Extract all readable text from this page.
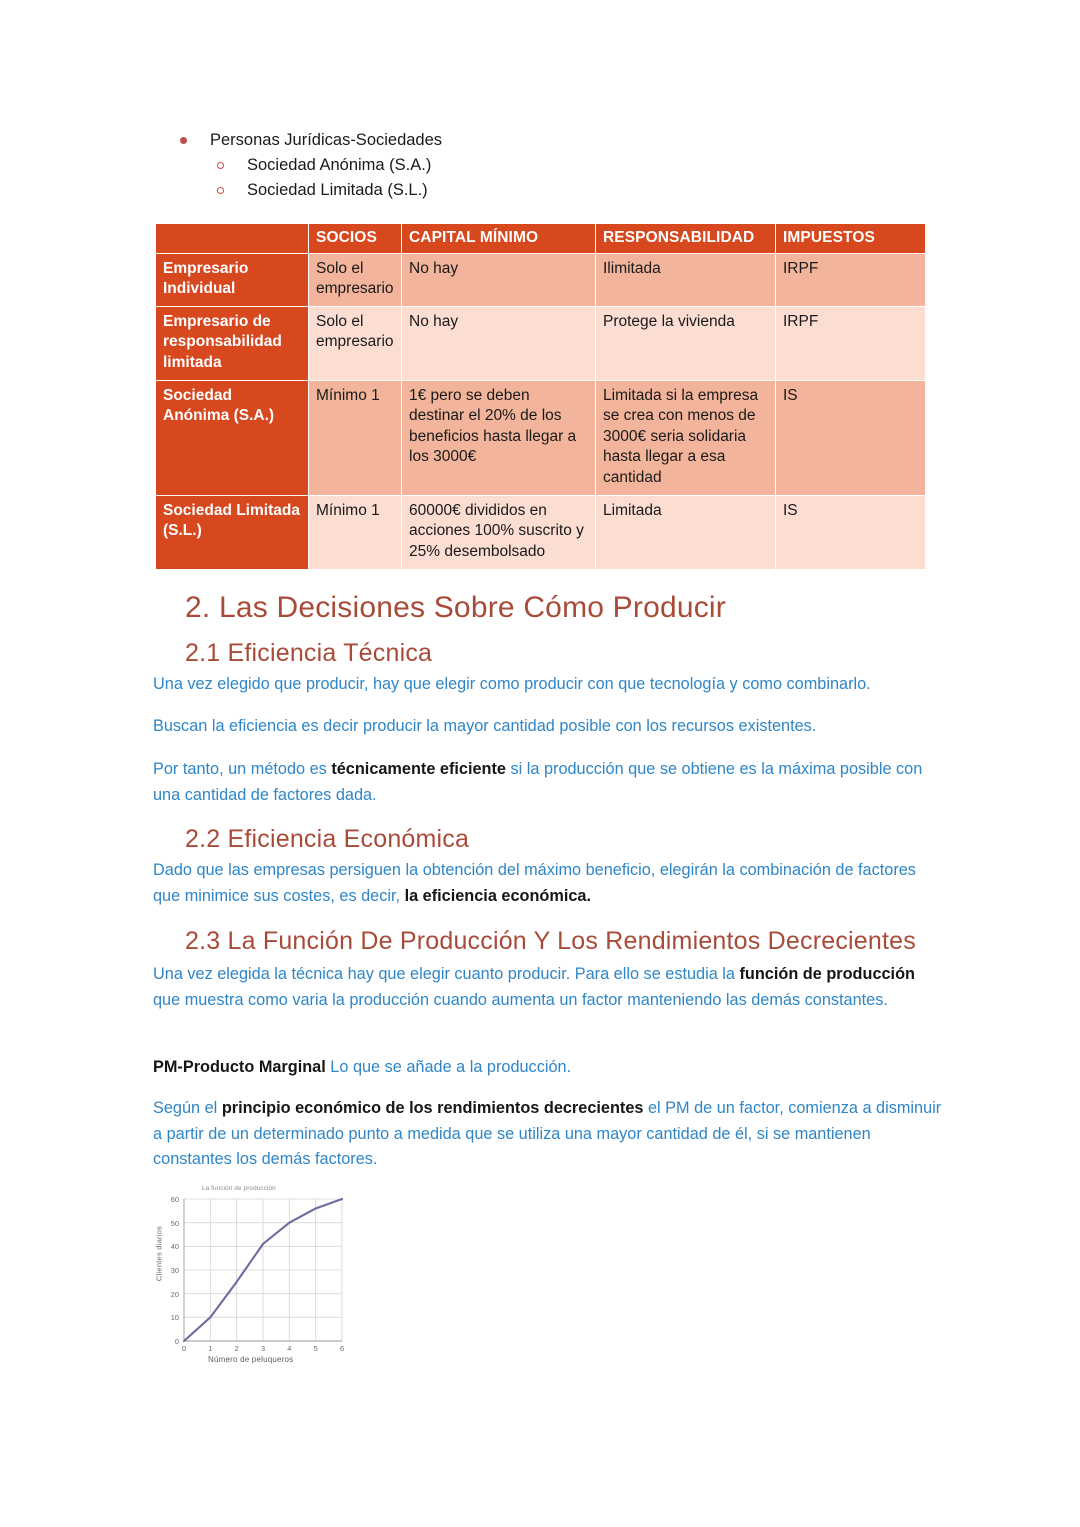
Personas Jurídicas-Sociedades
Sociedad Anónima (S.A.)
Sociedad Limitada (S.L.)
	SOCIOS	CAPITAL MÍNIMO	RESPONSABILIDAD	IMPUESTOS
Empresario Individual	Solo el empresario	No hay	Ilimitada	IRPF
Empresario de responsabilidad limitada	Solo el empresario	No hay	Protege la vivienda	IRPF
Sociedad Anónima (S.A.)	Mínimo 1	1€ pero se deben destinar el 20% de los beneficios hasta llegar a los 3000€	Limitada si la empresa se crea con menos de 3000€ seria solidaria hasta llegar a esa cantidad	IS
Sociedad Limitada (S.L.)	Mínimo 1	60000€ divididos en acciones 100% suscrito y 25% desembolsado	Limitada	IS
2. Las Decisiones Sobre Cómo Producir
2.1 Eficiencia Técnica

Una vez elegido que producir, hay que elegir como producir con que tecnología y como combinarlo.

Buscan la eficiencia es decir producir la mayor cantidad posible con los recursos existentes.

Por tanto, un método es técnicamente eficiente si la producción que se obtiene es la máxima posible con una cantidad de factores dada.

2.2 Eficiencia Económica

Dado que las empresas persiguen la obtención del máximo beneficio, elegirán la combinación de factores que minimice sus costes, es decir, la eficiencia económica.

2.3 La Función De Producción Y Los Rendimientos Decrecientes

Una vez elegida la técnica hay que elegir cuanto producir. Para ello se estudia la función de producción que muestra como varia la producción cuando aumenta un factor manteniendo las demás constantes.

PM-Producto Marginal Lo que se añade a la producción.

Según el principio económico de los rendimientos decrecientes el PM de un factor, comienza a disminuir a partir de un determinado punto a medida que se utiliza una mayor cantidad de él, si se mantienen constantes los demás factores.

La función de producción
Clientes diarios
Número de peluqueros
0
10
20
30
40
50
60
0	1	2	3	4	5	6
